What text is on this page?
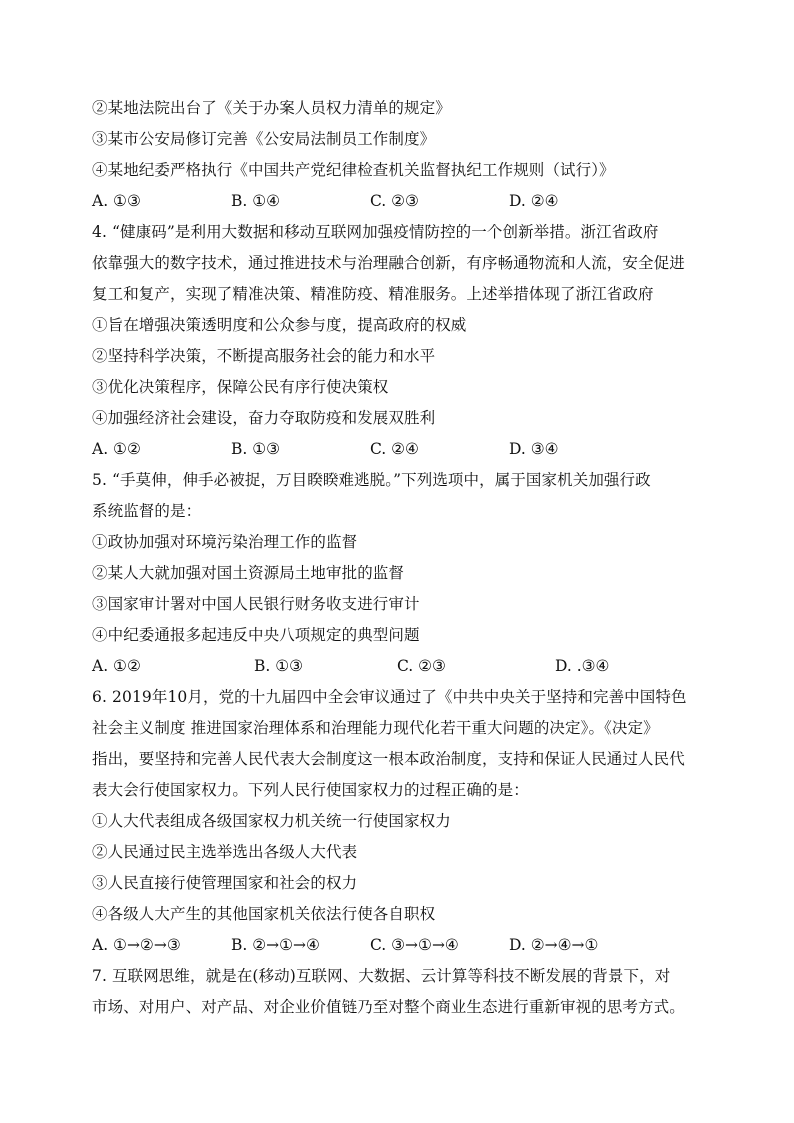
②某地法院出台了《关于办案人员权力清单的规定》
③某市公安局修订完善《公安局法制员工作制度》
④某地纪委严格执行《中国共产党纪律检查机关监督执纪工作规则（试行）》
A. ①③	B. ①④	C. ②③	D. ②④
4. “健康码”是利用大数据和移动互联网加强疫情防控的一个创新举措。浙江省政府
依靠强大的数字技术，通过推进技术与治理融合创新，有序畅通物流和人流，安全促进
复工和复产，实现了精准决策、精准防疫、精准服务。上述举措体现了浙江省政府
①旨在增强决策透明度和公众参与度，提高政府的权威
②坚持科学决策，不断提高服务社会的能力和水平
③优化决策程序，保障公民有序行使决策权
④加强经济社会建设，奋力夺取防疫和发展双胜利
A. ①②	B. ①③	C. ②④	D. ③④
5. “手莫伸，伸手必被捉，万目睽睽难逃脱。”下列选项中，属于国家机关加强行政
系统监督的是：
①政协加强对环境污染治理工作的监督
②某人大就加强对国土资源局土地审批的监督
③国家审计署对中国人民银行财务收支进行审计
④中纪委通报多起违反中央八项规定的典型问题
A. ①②	B. ①③	C. ②③	D. .③④
6. 2019年10月，党的十九届四中全会审议通过了《中共中央关于坚持和完善中国特色
社会主义制度 推进国家治理体系和治理能力现代化若干重大问题的决定》。《决定》
指出，要坚持和完善人民代表大会制度这一根本政治制度，支持和保证人民通过人民代
表大会行使国家权力。下列人民行使国家权力的过程正确的是：
①人大代表组成各级国家权力机关统一行使国家权力
②人民通过民主选举选出各级人大代表
③人民直接行使管理国家和社会的权力
④各级人大产生的其他国家机关依法行使各自职权
A. ①→②→③	B. ②→①→④	C. ③→①→④	D. ②→④→①
7. 互联网思维，就是在(移动)互联网、大数据、云计算等科技不断发展的背景下，对
市场、对用户、对产品、对企业价值链乃至对整个商业生态进行重新审视的思考方式。
